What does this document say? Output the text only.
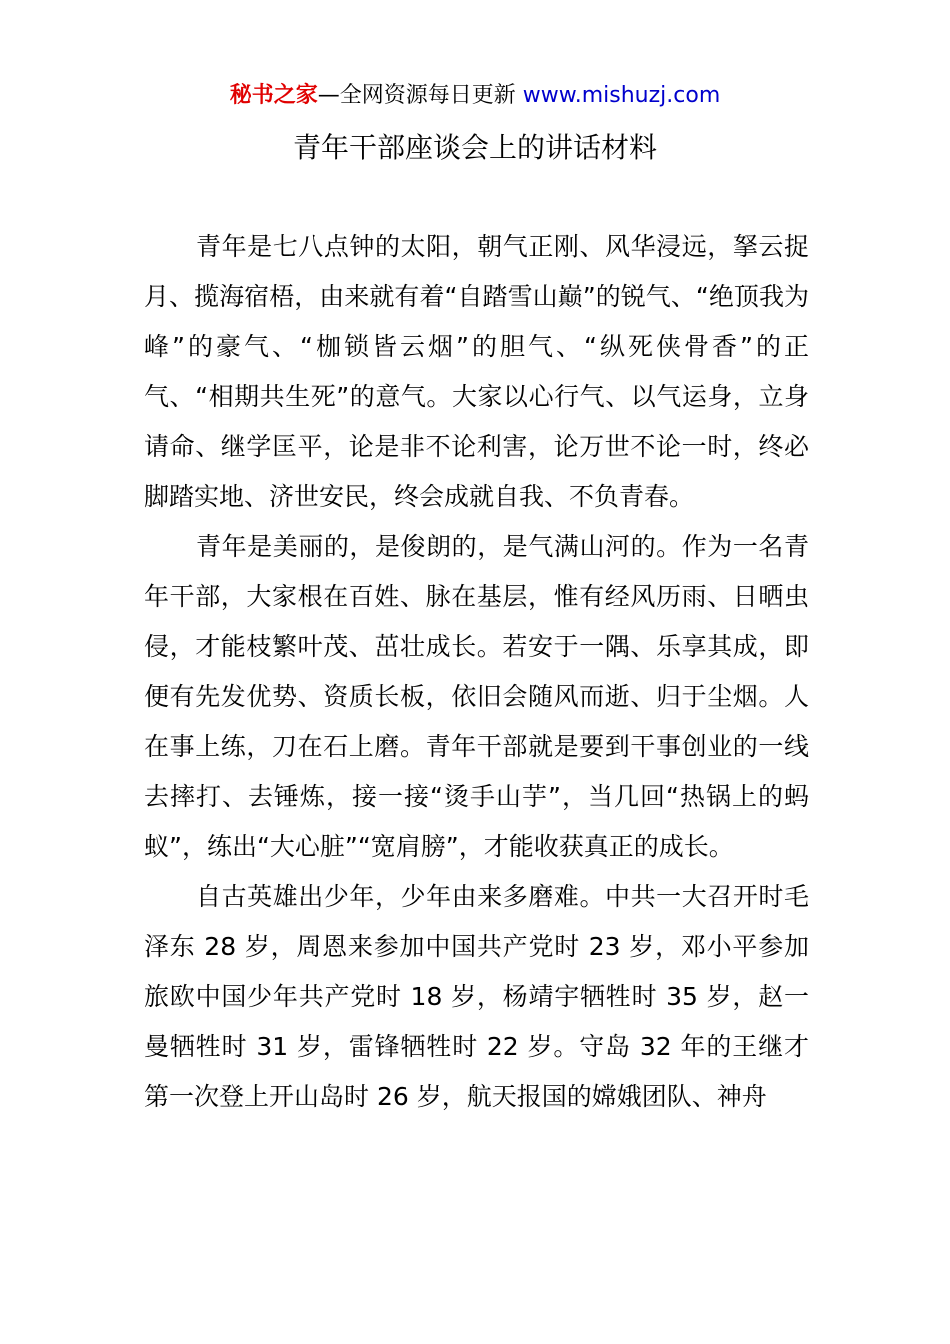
秘书之家—全网资源每日更新 www.mishuzj.com
青年干部座谈会上的讲话材料

青年是七八点钟的太阳，朝气正刚、风华浸远，拏云捉月、揽海宿梧，由来就有着“自踏雪山巅”的锐气、“绝顶我为峰”的豪气、“枷锁皆云烟”的胆气、“纵死侠骨香”的正气、“相期共生死”的意气。大家以心行气、以气运身，立身请命、继学匡平，论是非不论利害，论万世不论一时，终必脚踏实地、济世安民，终会成就自我、不负青春。

青年是美丽的，是俊朗的，是气满山河的。作为一名青年干部，大家根在百姓、脉在基层，惟有经风历雨、日晒虫侵，才能枝繁叶茂、茁壮成长。若安于一隅、乐享其成，即便有先发优势、资质长板，依旧会随风而逝、归于尘烟。人在事上练，刀在石上磨。青年干部就是要到干事创业的一线去摔打、去锤炼，接一接“烫手山芋”，当几回“热锅上的蚂蚁”，练出“大心脏”“宽肩膀”，才能收获真正的成长。

自古英雄出少年，少年由来多磨难。中共一大召开时毛泽东 28 岁，周恩来参加中国共产党时 23 岁，邓小平参加旅欧中国少年共产党时 18 岁，杨靖宇牺牲时 35 岁，赵一曼牺牲时 31 岁，雷锋牺牲时 22 岁。守岛 32 年的王继才第一次登上开山岛时 26 岁，航天报国的嫦娥团队、神舟
